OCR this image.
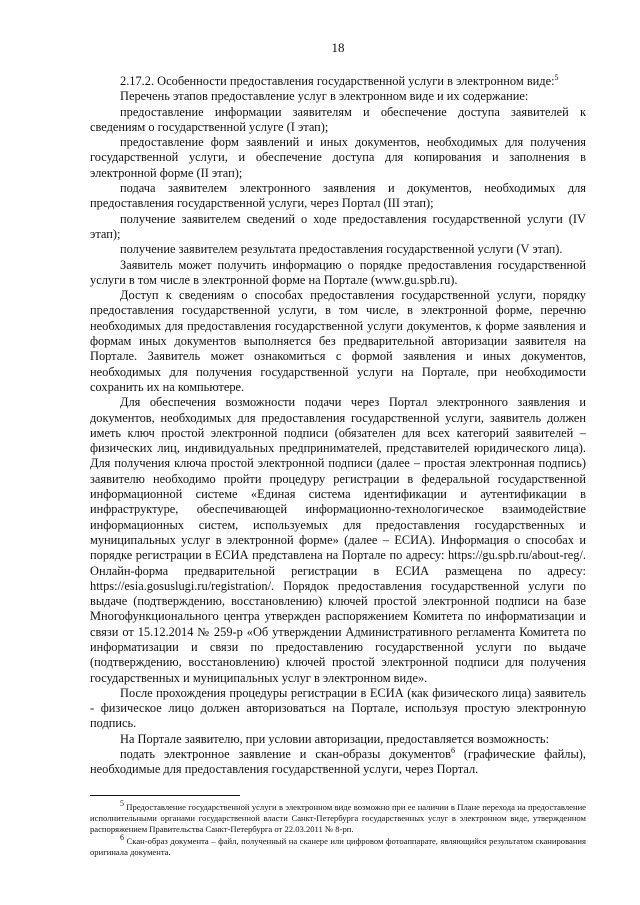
18

2.17.2. Особенности предоставления государственной услуги в электронном виде:$^5$

Перечень этапов предоставление услуг в электронном виде и их содержание:

предоставление информации заявителям и обеспечение доступа заявителей к сведениям о государственной услуге (I этап);

предоставление форм заявлений и иных документов, необходимых для получения государственной услуги, и обеспечение доступа для копирования и заполнения в электронной форме (II этап);

подача заявителем электронного заявления и документов, необходимых для предоставления государственной услуги, через Портал (III этап);

получение заявителем сведений о ходе предоставления государственной услуги (IV этап);

получение заявителем результата предоставления государственной услуги (V этап).

Заявитель может получить информацию о порядке предоставления государственной услуги в том числе в электронной форме на Портале (www.gu.spb.ru).

Доступ к сведениям о способах предоставления государственной услуги, порядку предоставления государственной услуги, в том числе, в электронной форме, перечню необходимых для предоставления государственной услуги документов, к форме заявления и формам иных документов выполняется без предварительной авторизации заявителя на Портале. Заявитель может ознакомиться с формой заявления и иных документов, необходимых для получения государственной услуги на Портале, при необходимости сохранить их на компьютере.

Для обеспечения возможности подачи через Портал электронного заявления и документов, необходимых для предоставления государственной услуги, заявитель должен иметь ключ простой электронной подписи (обязателен для всех категорий заявителей – физических лиц, индивидуальных предпринимателей, представителей юридического лица). Для получения ключа простой электронной подписи (далее – простая электронная подпись) заявителю необходимо пройти процедуру регистрации в федеральной государственной информационной системе «Единая система идентификации и аутентификации в инфраструктуре, обеспечивающей информационно-технологическое взаимодействие информационных систем, используемых для предоставления государственных и муниципальных услуг в электронной форме» (далее – ЕСИА). Информация о способах и порядке регистрации в ЕСИА представлена на Портале по адресу: https://gu.spb.ru/about-reg/. Онлайн-форма предварительной регистрации в ЕСИА размещена по адресу: https://esia.gosuslugi.ru/registration/. Порядок предоставления государственной услуги по выдаче (подтверждению, восстановлению) ключей простой электронной подписи на базе Многофункционального центра утвержден распоряжением Комитета по информатизации и связи от 15.12.2014 № 259-р «Об утверждении Административного регламента Комитета по информатизации и связи по предоставлению государственной услуги по выдаче (подтверждению, восстановлению) ключей простой электронной подписи для получения государственных и муниципальных услуг в электронном виде».

После прохождения процедуры регистрации в ЕСИА (как физического лица) заявитель - физическое лицо должен авторизоваться на Портале, используя простую электронную подпись.

На Портале заявителю, при условии авторизации, предоставляется возможность:

подать электронное заявление и скан-образы документов$^6$ (графические файлы), необходимые для предоставления государственной услуги, через Портал.

$^5$ Предоставление государственной услуги в электронном виде возможно при ее наличии в Плане перехода на предоставление исполнительными органами государственной власти Санкт-Петербурга государственных услуг в электронном виде, утвержденном распоряжением Правительства Санкт-Петербурга от 22.03.2011 № 8-рп.

$^6$ Скан-образ документа – файл, полученный на сканере или цифровом фотоаппарате, являющийся результатом сканирования оригинала документа.
